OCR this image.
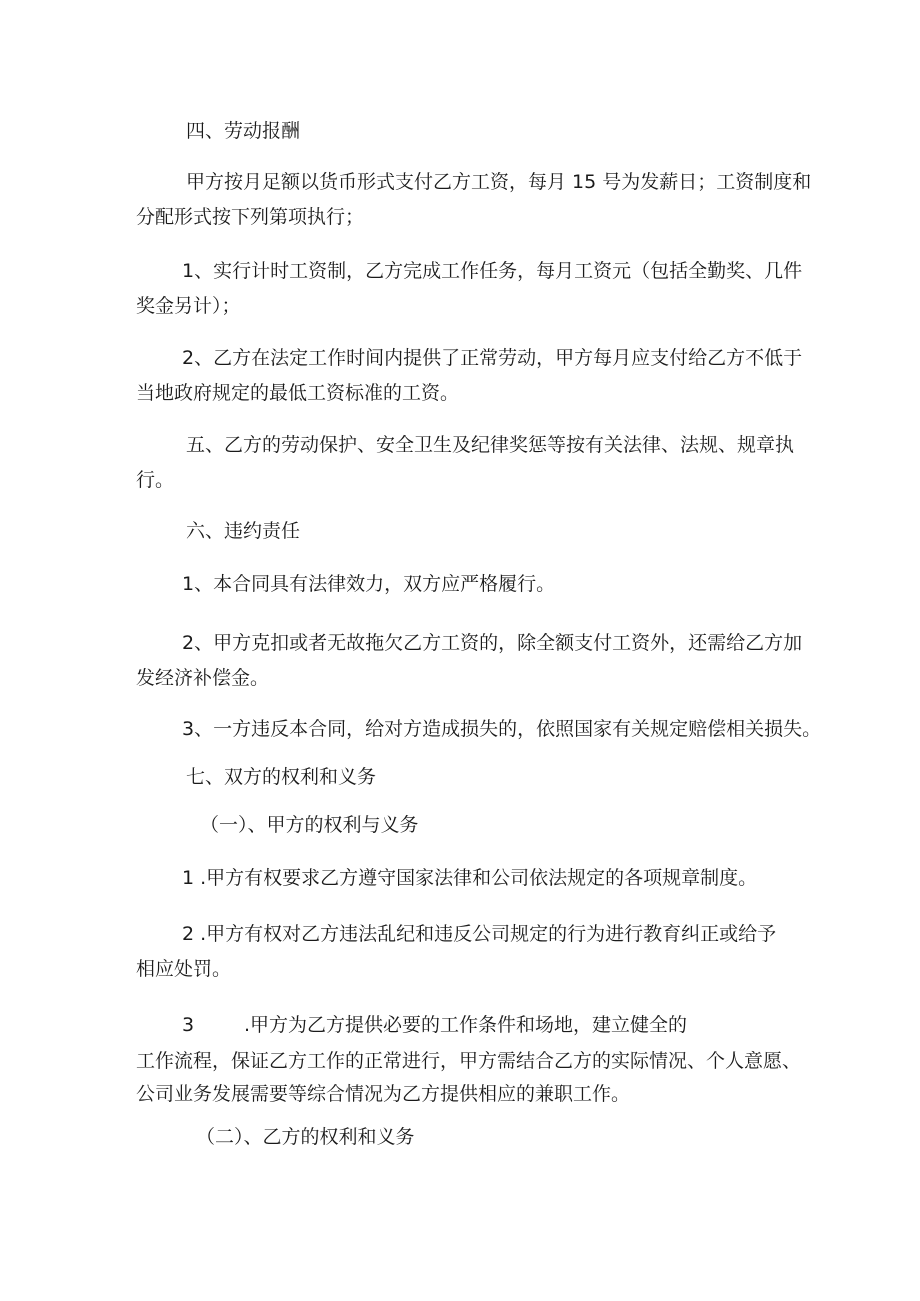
四、劳动报酬
甲方按月足额以货币形式支付乙方工资，每月 15 号为发薪日；工资制度和
分配形式按下列第项执行；
1、实行计时工资制，乙方完成工作任务，每月工资元（包括全勤奖、几件
奖金另计）；
2、乙方在法定工作时间内提供了正常劳动，甲方每月应支付给乙方不低于
当地政府规定的最低工资标准的工资。
五、乙方的劳动保护、安全卫生及纪律奖惩等按有关法律、法规、规章执
行。
六、违约责任
1、本合同具有法律效力，双方应严格履行。
2、甲方克扣或者无故拖欠乙方工资的，除全额支付工资外，还需给乙方加
发经济补偿金。
3、一方违反本合同，给对方造成损失的，依照国家有关规定赔偿相关损失。
七、双方的权利和义务
（一）、甲方的权利与义务
1 .甲方有权要求乙方遵守国家法律和公司依法规定的各项规章制度。
2 .甲方有权对乙方违法乱纪和违反公司规定的行为进行教育纠正或给予
相应处罚。
3	.甲方为乙方提供必要的工作条件和场地，建立健全的
工作流程，保证乙方工作的正常进行，甲方需结合乙方的实际情况、个人意愿、
公司业务发展需要等综合情况为乙方提供相应的兼职工作。
（二）、乙方的权利和义务
